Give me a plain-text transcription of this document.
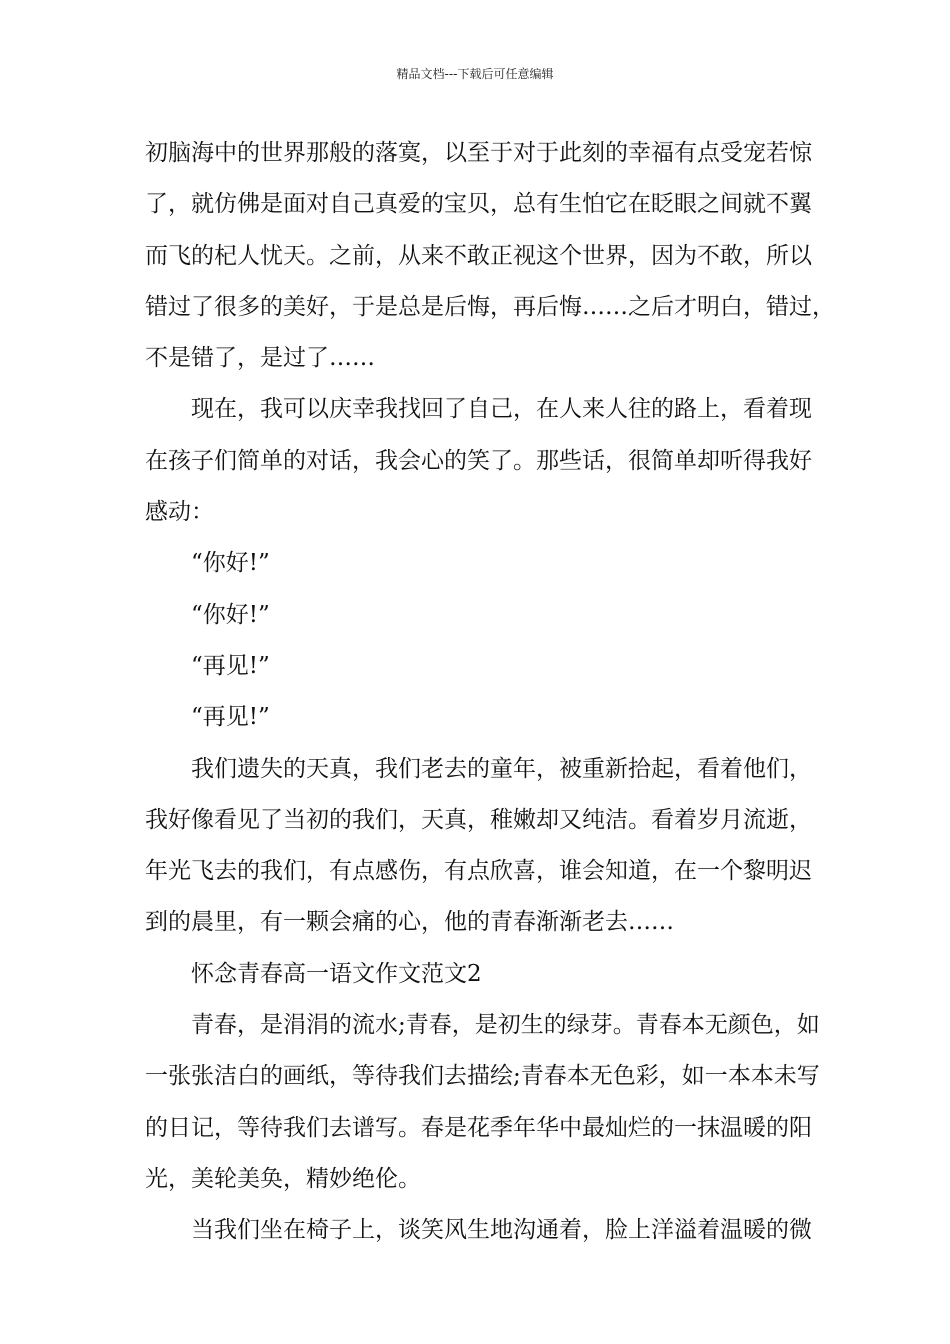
精品文档---下载后可任意编辑
初脑海中的世界那般的落寞，以至于对于此刻的幸福有点受宠若惊
了，就仿佛是面对自己真爱的宝贝，总有生怕它在眨眼之间就不翼
而飞的杞人忧天。之前，从来不敢正视这个世界，因为不敢，所以
错过了很多的美好，于是总是后悔，再后悔……之后才明白，错过，
不是错了，是过了……
现在，我可以庆幸我找回了自己，在人来人往的路上，看着现
在孩子们简单的对话，我会心的笑了。那些话，很简单却听得我好
感动：
“你好!”
“你好!”
“再见!”
“再见!”
我们遗失的天真，我们老去的童年，被重新拾起，看着他们，
我好像看见了当初的我们，天真，稚嫩却又纯洁。看着岁月流逝，
年光飞去的我们，有点感伤，有点欣喜，谁会知道，在一个黎明迟
到的晨里，有一颗会痛的心，他的青春渐渐老去……
怀念青春高一语文作文范文2
青春，是涓涓的流水;青春，是初生的绿芽。青春本无颜色，如
一张张洁白的画纸，等待我们去描绘;青春本无色彩，如一本本未写
的日记，等待我们去谱写。春是花季年华中最灿烂的一抹温暖的阳
光，美轮美奂，精妙绝伦。
当我们坐在椅子上，谈笑风生地沟通着，脸上洋溢着温暖的微
